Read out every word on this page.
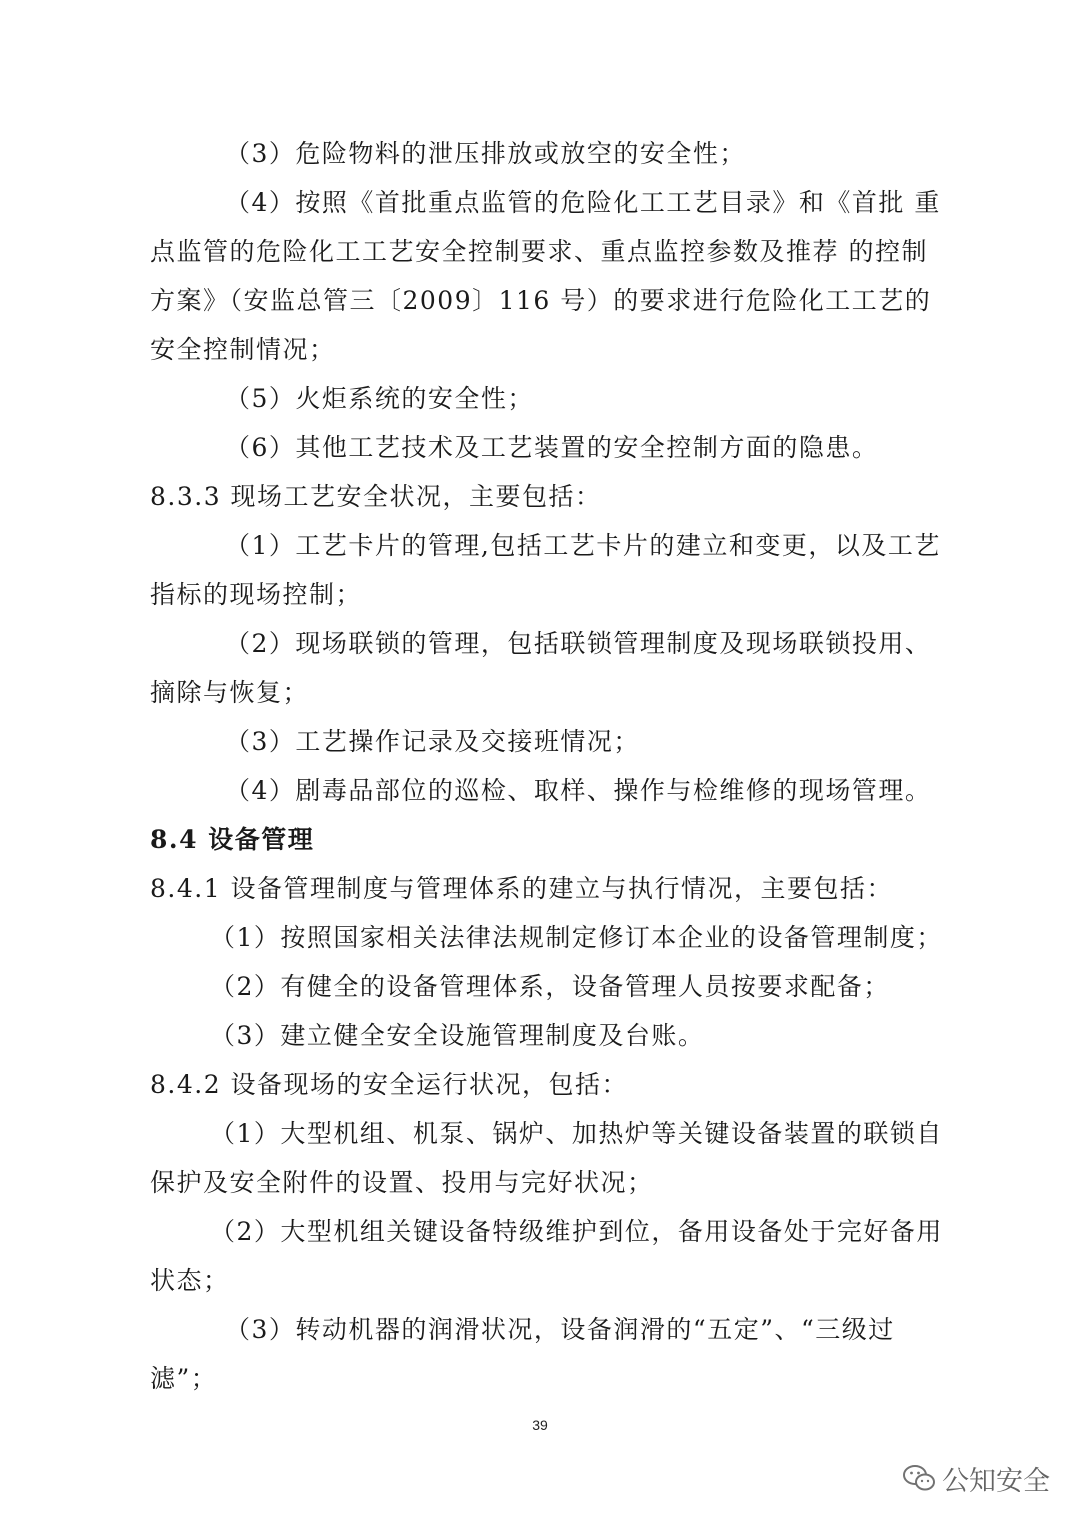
（3）危险物料的泄压排放或放空的安全性；
（4）按照《首批重点监管的危险化工工艺目录》和《首批 重
点监管的危险化工工艺安全控制要求、重点监控参数及推荐 的控制
方案》（安监总管三〔2009〕116 号）的要求进行危险化工工艺的
安全控制情况；
（5）火炬系统的安全性；
（6）其他工艺技术及工艺装置的安全控制方面的隐患。
8.3.3 现场工艺安全状况，主要包括：
（1）工艺卡片的管理,包括工艺卡片的建立和变更，以及工艺
指标的现场控制；
（2）现场联锁的管理，包括联锁管理制度及现场联锁投用、
摘除与恢复；
（3）工艺操作记录及交接班情况；
（4）剧毒品部位的巡检、取样、操作与检维修的现场管理。
8.4 设备管理
8.4.1 设备管理制度与管理体系的建立与执行情况，主要包括：
（1）按照国家相关法律法规制定修订本企业的设备管理制度；
（2）有健全的设备管理体系，设备管理人员按要求配备；
（3）建立健全安全设施管理制度及台账。
8.4.2 设备现场的安全运行状况，包括：
（1）大型机组、机泵、锅炉、加热炉等关键设备装置的联锁自
保护及安全附件的设置、投用与完好状况；
（2）大型机组关键设备特级维护到位，备用设备处于完好备用
状态；
（3）转动机器的润滑状况，设备润滑的“五定”、“三级过
滤”；
39
公知安全
